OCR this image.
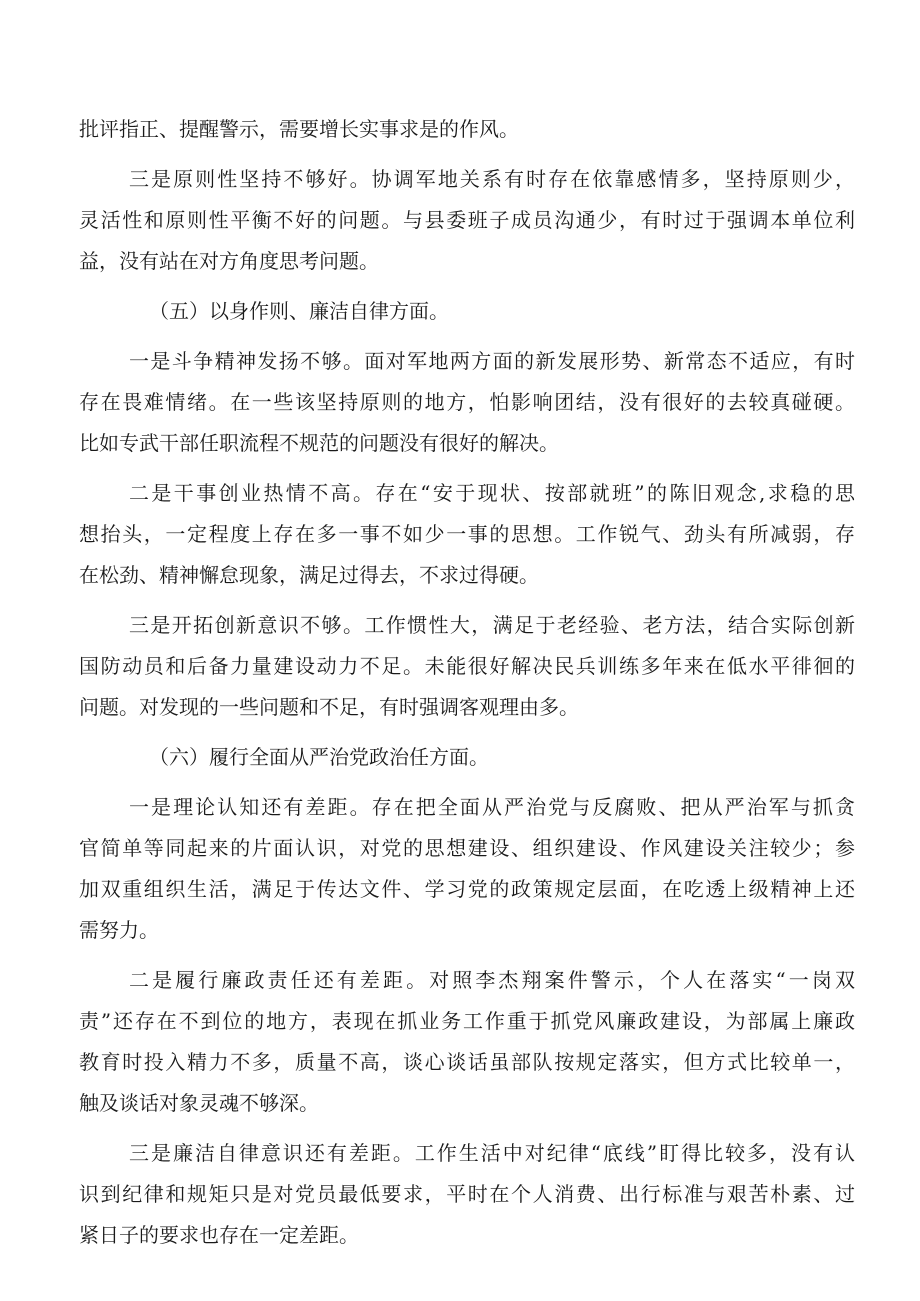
批评指正、提醒警示，需要增长实事求是的作风。
三是原则性坚持不够好。协调军地关系有时存在依靠感情多，坚持原则少，
灵活性和原则性平衡不好的问题。与县委班子成员沟通少，有时过于强调本单位利
益，没有站在对方角度思考问题。
（五）以身作则、廉洁自律方面。
一是斗争精神发扬不够。面对军地两方面的新发展形势、新常态不适应，有时
存在畏难情绪。在一些该坚持原则的地方，怕影响团结，没有很好的去较真碰硬。
比如专武干部任职流程不规范的问题没有很好的解决。
二是干事创业热情不高。存在“安于现状、按部就班”的陈旧观念,求稳的思
想抬头，一定程度上存在多一事不如少一事的思想。工作锐气、劲头有所减弱，存
在松劲、精神懈怠现象，满足过得去，不求过得硬。
三是开拓创新意识不够。工作惯性大，满足于老经验、老方法，结合实际创新
国防动员和后备力量建设动力不足。未能很好解决民兵训练多年来在低水平徘徊的
问题。对发现的一些问题和不足，有时强调客观理由多。
（六）履行全面从严治党政治任方面。
一是理论认知还有差距。存在把全面从严治党与反腐败、把从严治军与抓贪
官简单等同起来的片面认识，对党的思想建设、组织建设、作风建设关注较少；参
加双重组织生活，满足于传达文件、学习党的政策规定层面，在吃透上级精神上还
需努力。
二是履行廉政责任还有差距。对照李杰翔案件警示，个人在落实“一岗双
责”还存在不到位的地方，表现在抓业务工作重于抓党风廉政建设，为部属上廉政
教育时投入精力不多，质量不高，谈心谈话虽部队按规定落实，但方式比较单一，
触及谈话对象灵魂不够深。
三是廉洁自律意识还有差距。工作生活中对纪律“底线”盯得比较多，没有认
识到纪律和规矩只是对党员最低要求，平时在个人消费、出行标准与艰苦朴素、过
紧日子的要求也存在一定差距。
